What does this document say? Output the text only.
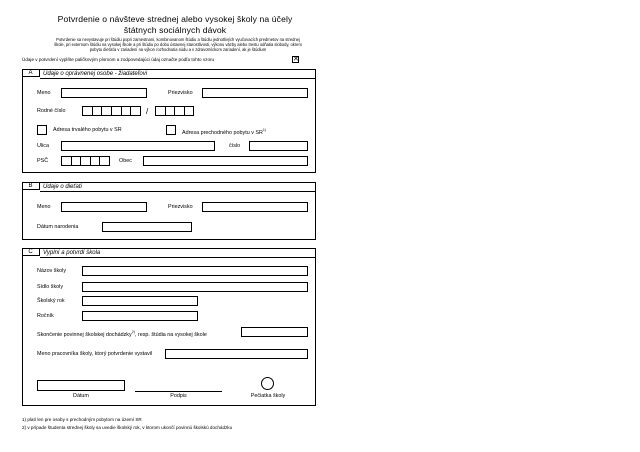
Potvrdenie o návšteve strednej alebo vysokej školy na účely
štátnych sociálnych dávok
Potvrdenie sa nevystavuje pri štúdiu popri zamestnaní, kombinovanom štúdiu a štúdiu jednotlivých vyučovacích predmetov na strednej
škole, pri externom štúdiu na vysokej škole a pri štúdiu po dobu ústavnej starostlivosti, výkonu väzby alebo trestu odňatia slobody, okrem
pobytu dieťaťa v zariadení na výkon rozhodnutia súdu a v zdravotníckom zariadení, ak je štúdium
Údaje v potvrdení vyplňte paličkovým písmom a zodpovedajúci údaj označte podľa tohto vzoru	✕
A	Údaje o oprávnenej osobe - žiadateľovi
Meno	Priezvisko
Rodné číslo	/
Adresa trvalého pobytu v SR	Adresa prechodného pobytu v SR$^{1)}$
Ulica	číslo
PSČ	Obec
B	Údaje o dieťati
Meno	Priezvisko
Dátum narodenia
C	Vyplní a potvrdí škola
Názov školy
Sídlo školy
Školský rok
Ročník
Skončenie povinnej školskej dochádzky$^{2)}$, resp. štúdia na vysokej škole
Meno pracovníka školy, ktorý potvrdenie vystavil
Dátum	Podpis	Pečiatka školy
1) platí len pre osoby s prechodným pobytom na území SR
2) v prípade študenta strednej školy sa uvedie školský rok, v ktorom ukončí povinnú školskú dochádzku
